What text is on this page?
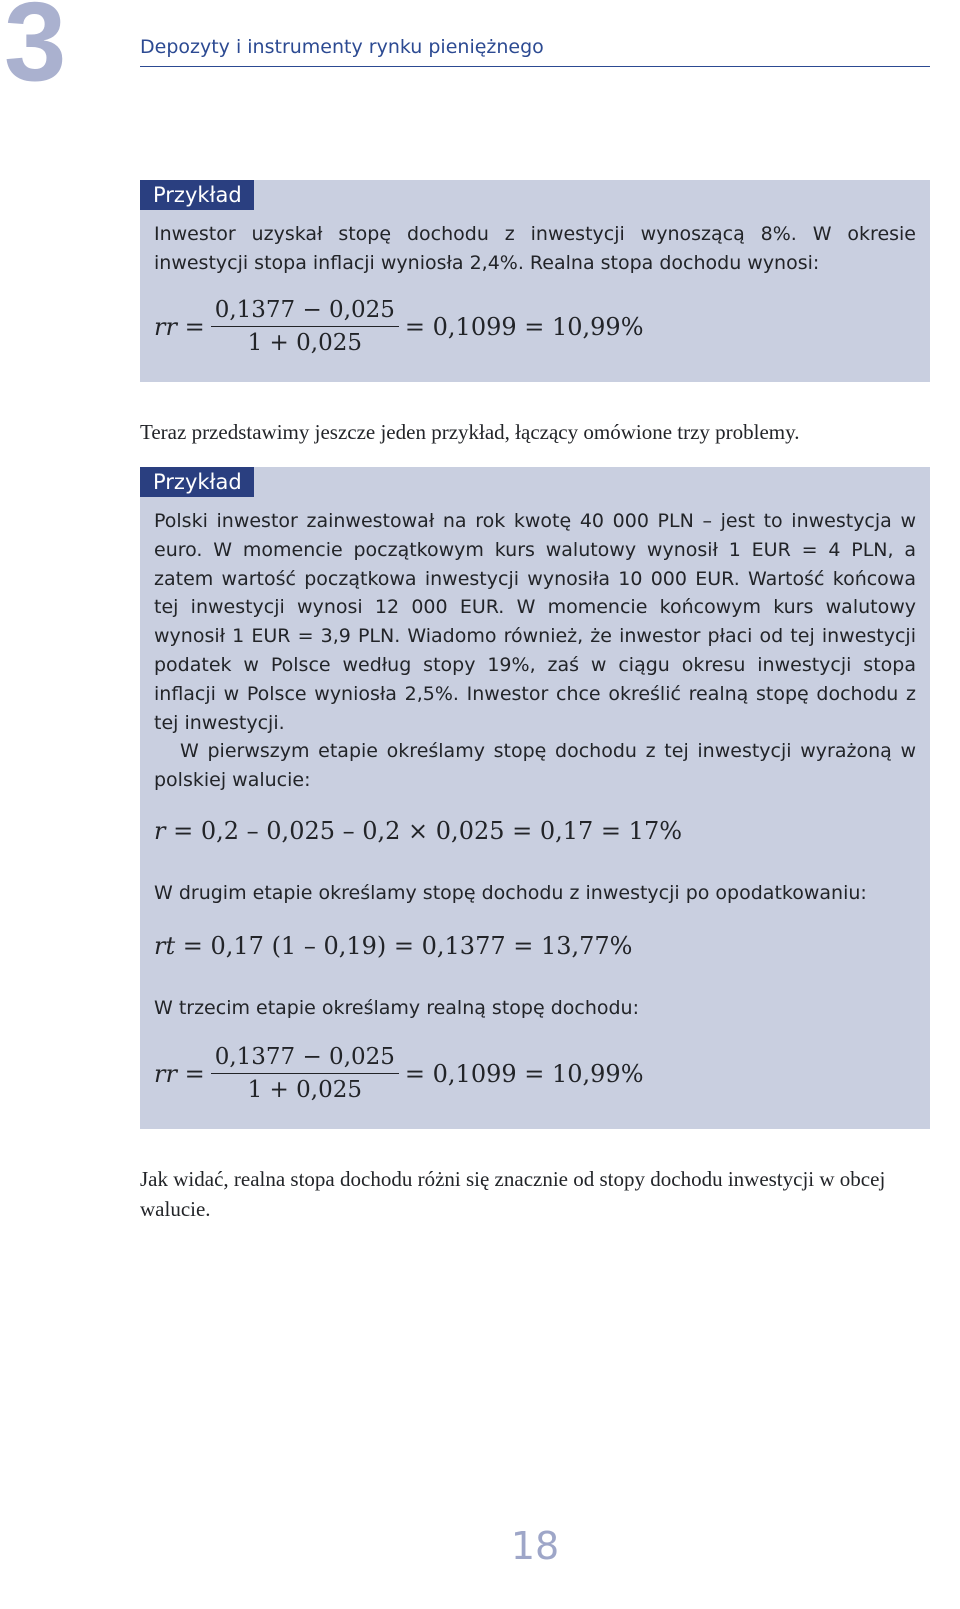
3	Depozyty i instrumenty rynku pieniężnego
Przykład

Inwestor uzyskał stopę dochodu z inwestycji wynoszącą 8%. W okresie inwestycji stopa inflacji wyniosła 2,4%. Realna stopa dochodu wynosi:

rr = $\frac{0,1377 - 0,025}{1 + 0,025} = 0,1099 = 10,99\%$

Teraz przedstawimy jeszcze jeden przykład, łączący omówione trzy problemy.

Przykład

Polski inwestor zainwestował na rok kwotę 40 000 PLN – jest to inwestycja w euro. W momencie początkowym kurs walutowy wynosił 1 EUR = 4 PLN, a zatem wartość początkowa inwestycji wynosiła 10 000 EUR. Wartość końcowa tej inwestycji wynosi 12 000 EUR. W momencie końcowym kurs walutowy wynosił 1 EUR = 3,9 PLN. Wiadomo również, że inwestor płaci od tej inwestycji podatek w Polsce według stopy 19%, zaś w ciągu okresu inwestycji stopa inflacji w Polsce wyniosła 2,5%. Inwestor chce określić realną stopę dochodu z tej inwestycji.

W pierwszym etapie określamy stopę dochodu z tej inwestycji wyrażoną w polskiej walucie:

r
= 0,2 – 0,025 – 0,2 × 0,025 = 0,17 = 17%

W drugim etapie określamy stopę dochodu z inwestycji po opodatkowaniu:

rt
= 0,17 (1 – 0,19) = 0,1377 = 13,77%

W trzecim etapie określamy realną stopę dochodu:

rr = $\frac{0,1377 - 0,025}{1 + 0,025} = 0,1099 = 10,99\%$

Jak widać, realna stopa dochodu różni się znacznie od stopy dochodu inwestycji w obcej walucie.

18
